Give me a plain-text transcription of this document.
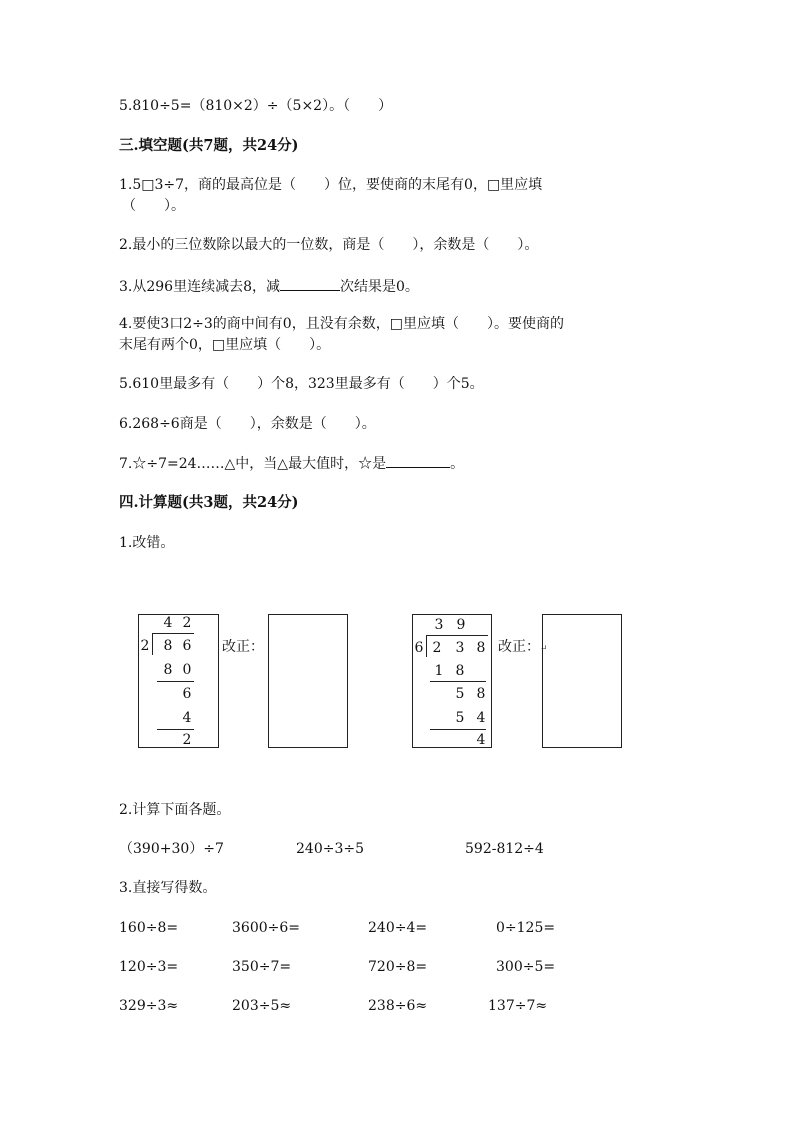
5.810÷5=（810×2）÷（5×2）。（　　）
三.填空题(共7题，共24分)
1.5□3÷7，商的最高位是（　　）位，要使商的末尾有0，□里应填
（　　）。
2.最小的三位数除以最大的一位数，商是（　　），余数是（　　）。
3.从296里连续减去8，减	次结果是0。
4.要使3口2÷3的商中间有0，且没有余数，□里应填（　　）。要使商的
末尾有两个0，□里应填（　　）。
5.610里最多有（　　）个8，323里最多有（　　）个5。
6.268÷6商是（　　），余数是（　　）。
7.☆÷7=24……△中，当△最大值时，☆是	。
四.计算题(共3题，共24分)
1.改错。
4 2
2 8 6
8 0
6
4
2
改正：
3 9
6 2 3 8
1 8
5 8
5 4
4
改正：↵
2.计算下面各题。
（390+30）÷7	240÷3÷5	592-812÷4
3.直接写得数。
160÷8=	3600÷6=	240÷4=	0÷125=
120÷3=	350÷7=	720÷8=	300÷5=
329÷3≈	203÷5≈	238÷6≈	137÷7≈
